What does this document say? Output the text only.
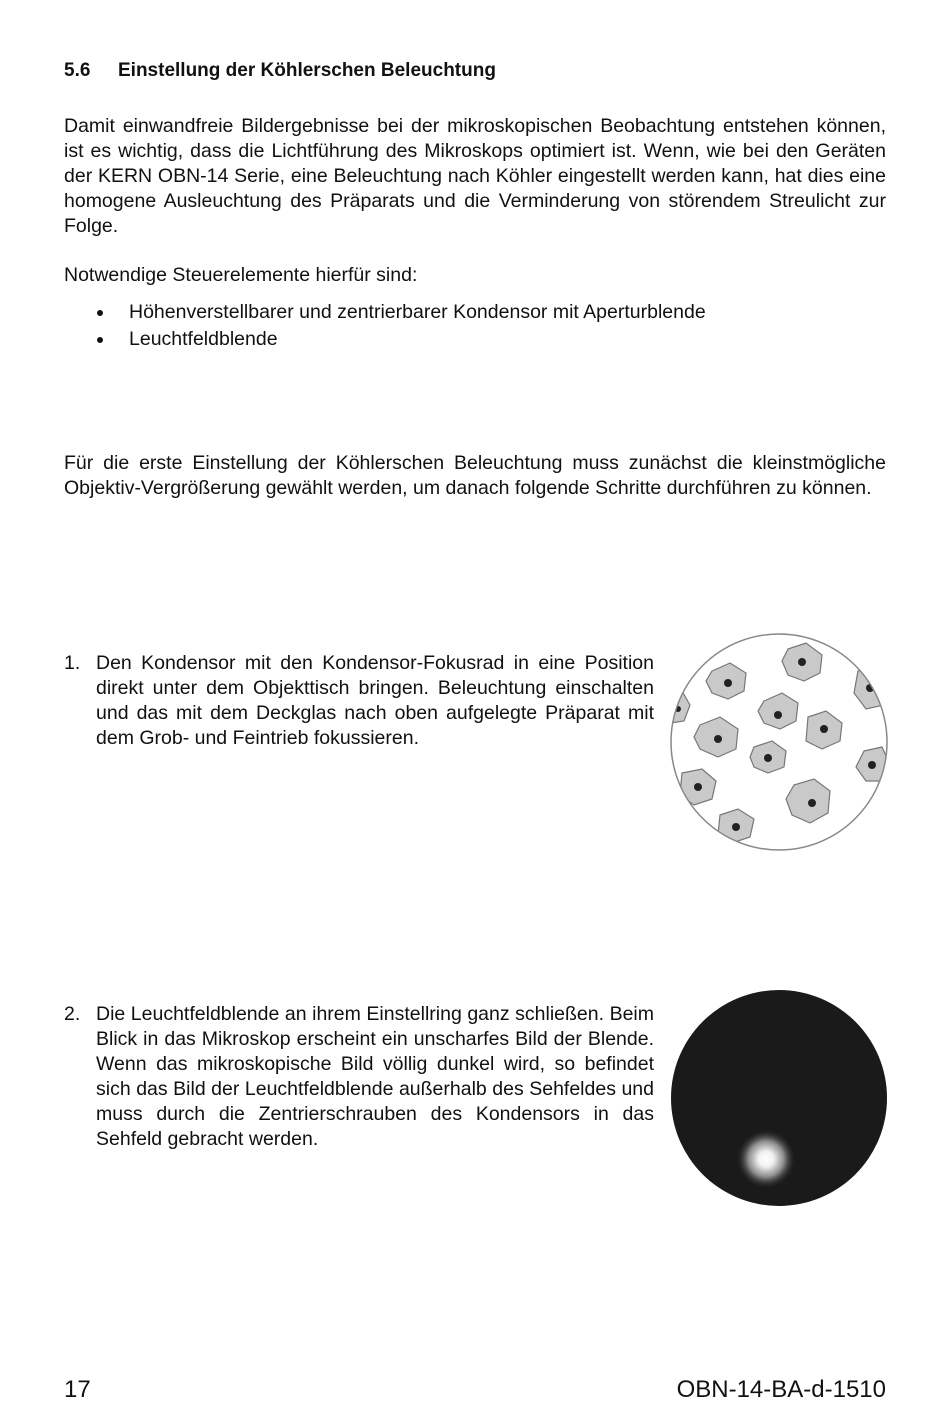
5.6 Einstellung der Köhlerschen Beleuchtung
Damit einwandfreie Bildergebnisse bei der mikroskopischen Beobachtung entstehen können, ist es wichtig, dass die Lichtführung des Mikroskops optimiert ist. Wenn, wie bei den Geräten der KERN OBN-14 Serie, eine Beleuchtung nach Köhler eingestellt werden kann, hat dies eine homogene Ausleuchtung des Präparats und die Verminderung von störendem Streulicht zur Folge.
Notwendige Steuerelemente hierfür sind:
Höhenverstellbarer und zentrierbarer Kondensor mit Aperturblende
Leuchtfeldblende
Für die erste Einstellung der Köhlerschen Beleuchtung muss zunächst die kleinstmögliche Objektiv-Vergrößerung gewählt werden, um danach folgende Schritte durchführen zu können.
1. Den Kondensor mit den Kondensor-Fokusrad in eine Position direkt unter dem Objekttisch bringen. Beleuchtung einschalten und das mit dem Deckglas nach oben aufgelegte Präparat mit dem Grob- und Feintrieb fokussieren.
2. Die Leuchtfeldblende an ihrem Einstellring ganz schließen. Beim Blick in das Mikroskop erscheint ein unscharfes Bild der Blende. Wenn das mikroskopische Bild völlig dunkel wird, so befindet sich das Bild der Leuchtfeldblende außerhalb des Sehfeldes und muss durch die Zentrierschrauben des Kondensors in das Sehfeld gebracht werden.
17	OBN-14-BA-d-1510
